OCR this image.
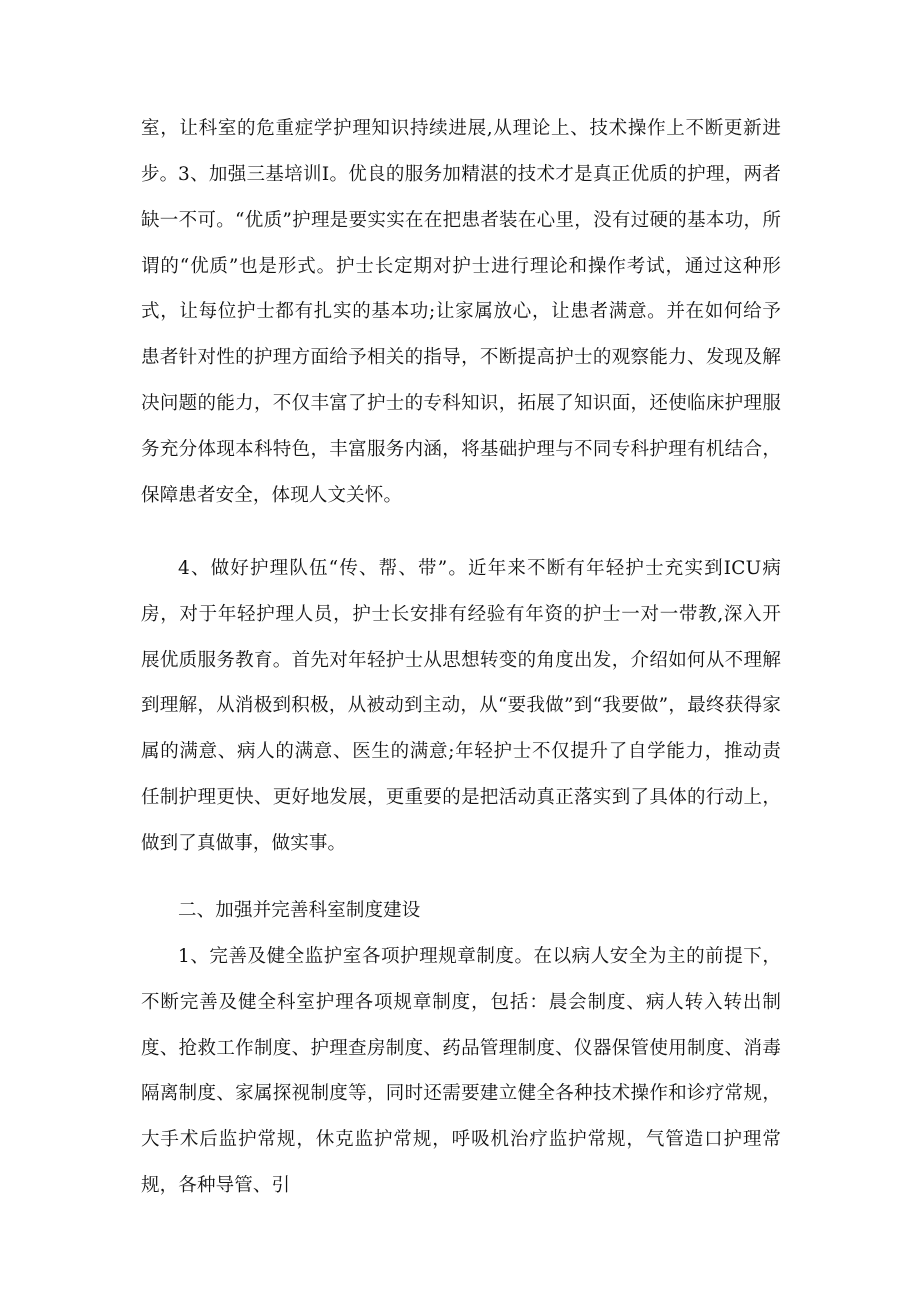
室，让科室的危重症学护理知识持续进展,从理论上、技术操作上不断更新进步。 3、加强三基培训I。优良的服务加精湛的技术才是真正优质的护理，两者缺一不可。“优质”护理是要实实在在把患者装在心里，没有过硬的基本功，所谓的“优质”也是形式。护士长定期对护士进行理论和操作考试，通过这种形式，让每位护士都有扎实的基本功;让家属放心，让患者满意。并在如何给予患者针对性的护理方面给予相关的指导，不断提高护士的观察能力、发现及解决问题的能力，不仅丰富了护士的专科知识，拓展了知识面，还使临床护理服务充分体现本科特色，丰富服务内涵，将基础护理与不同专科护理有机结合，保障患者安全，体现人文关怀。

4、做好护理队伍“传、帮、带”。近年来不断有年轻护士充实到ICU病房，对于年轻护理人员，护士长安排有经验有年资的护士一对一带教,深入开展优质服务教育。首先对年轻护士从思想转变的角度出发，介绍如何从不理解到理解，从消极到积极，从被动到主动，从“要我做”到“我要做”，最终获得家属的满意、病人的满意、医生的满意;年轻护士不仅提升了自学能力，推动责任制护理更快、更好地发展，更重要的是把活动真正落实到了具体的行动上，做到了真做事，做实事。

二、加强并完善科室制度建设

1、完善及健全监护室各项护理规章制度。在以病人安全为主的前提下，不断完善及健全科室护理各项规章制度，包括：晨会制度、病人转入转出制度、抢救工作制度、护理查房制度、药品管理制度、仪器保管使用制度、消毒隔离制度、家属探视制度等，同时还需要建立健全各种技术操作和诊疗常规，大手术后监护常规，休克监护常规，呼吸机治疗监护常规，气管造口护理常规，各种导管、引
